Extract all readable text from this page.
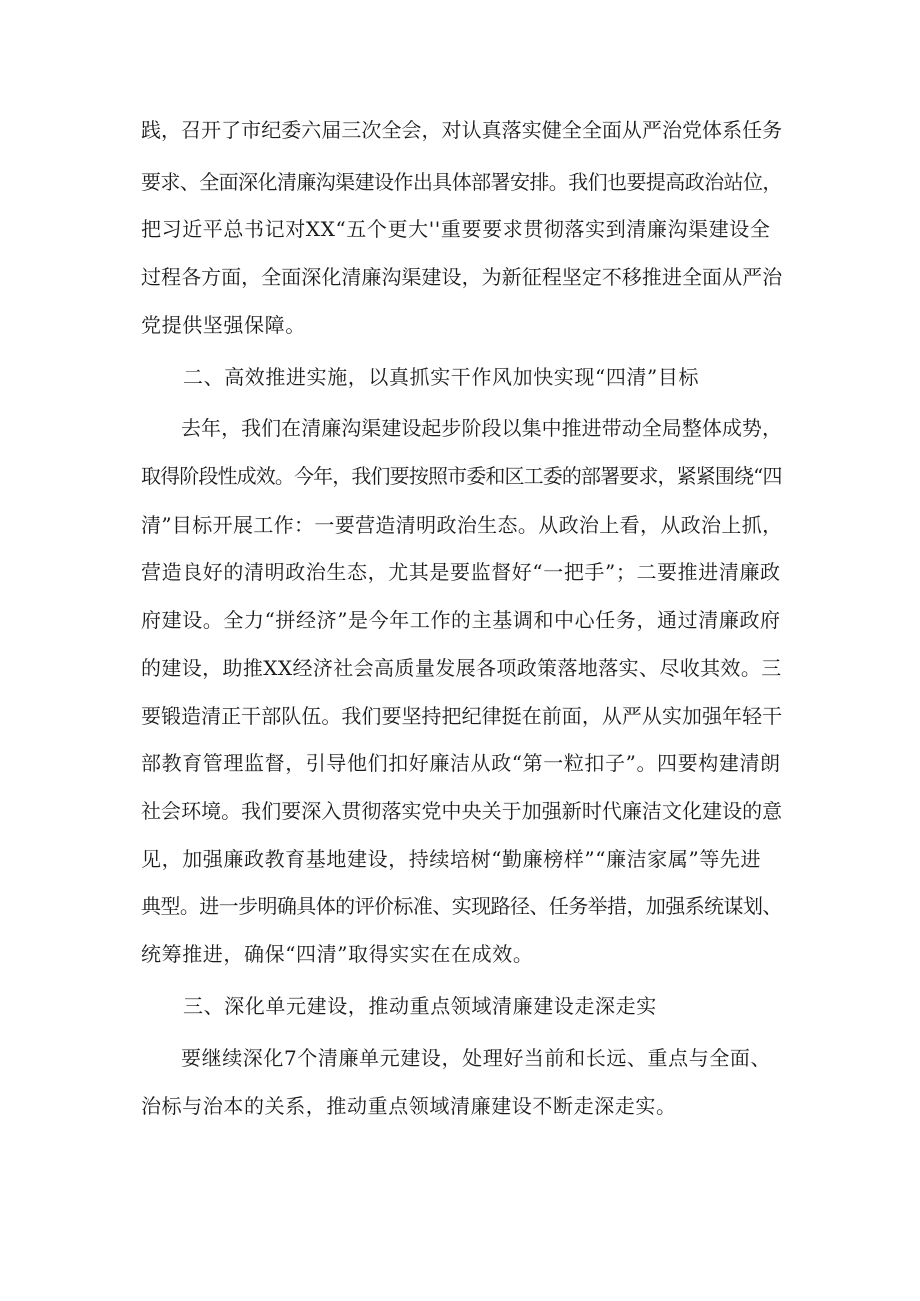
践，召开了市纪委六届三次全会，对认真落实健全全面从严治党体系任务
要求、全面深化清廉沟渠建设作出具体部署安排。我们也要提高政治站位，
把习近平总书记对XX“五个更大''重要要求贯彻落实到清廉沟渠建设全
过程各方面，全面深化清廉沟渠建设，为新征程坚定不移推进全面从严治
党提供坚强保障。
二、高效推进实施，以真抓实干作风加快实现“四清”目标
去年，我们在清廉沟渠建设起步阶段以集中推进带动全局整体成势，
取得阶段性成效。今年，我们要按照市委和区工委的部署要求，紧紧围绕“四
清”目标开展工作：一要营造清明政治生态。从政治上看，从政治上抓，
营造良好的清明政治生态，尤其是要监督好“一把手”；二要推进清廉政
府建设。全力“拼经济”是今年工作的主基调和中心任务，通过清廉政府
的建设，助推XX经济社会高质量发展各项政策落地落实、尽收其效。三
要锻造清正干部队伍。我们要坚持把纪律挺在前面，从严从实加强年轻干
部教育管理监督，引导他们扣好廉洁从政“第一粒扣子”。四要构建清朗
社会环境。我们要深入贯彻落实党中央关于加强新时代廉洁文化建设的意
见，加强廉政教育基地建设，持续培树“勤廉榜样”“廉洁家属”等先进
典型。进一步明确具体的评价标准、实现路径、任务举措，加强系统谋划、
统筹推进，确保“四清”取得实实在在成效。
三、深化单元建设，推动重点领域清廉建设走深走实
要继续深化7个清廉单元建设，处理好当前和长远、重点与全面、
治标与治本的关系，推动重点领域清廉建设不断走深走实。
